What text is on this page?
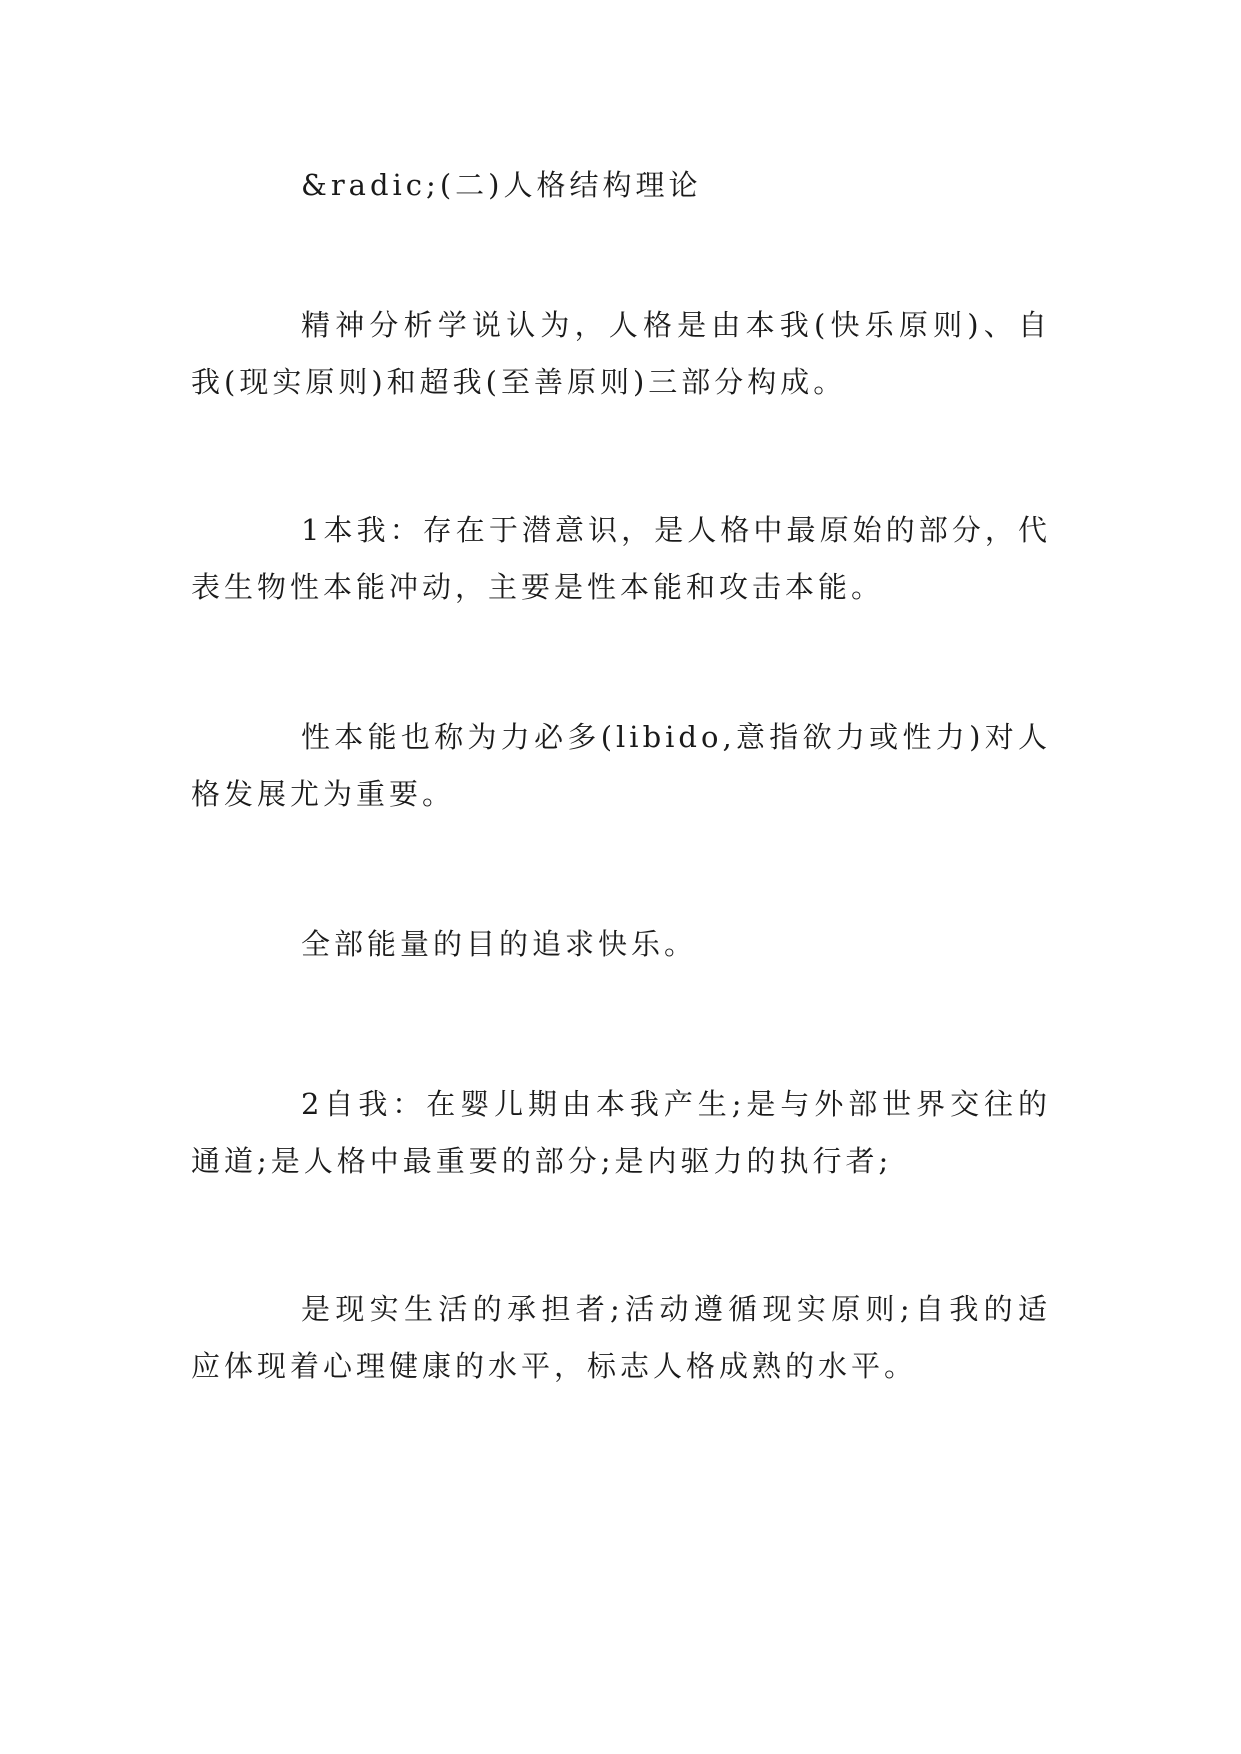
&radic;(二)人格结构理论

精神分析学说认为，人格是由本我(快乐原则)、自我(现实原则)和超我(至善原则)三部分构成。

1本我：存在于潜意识，是人格中最原始的部分，代表生物性本能冲动，主要是性本能和攻击本能。

性本能也称为力必多(libido,意指欲力或性力)对人格发展尤为重要。

全部能量的目的追求快乐。

2自我：在婴儿期由本我产生;是与外部世界交往的通道;是人格中最重要的部分;是内驱力的执行者;

是现实生活的承担者;活动遵循现实原则;自我的适应体现着心理健康的水平，标志人格成熟的水平。
